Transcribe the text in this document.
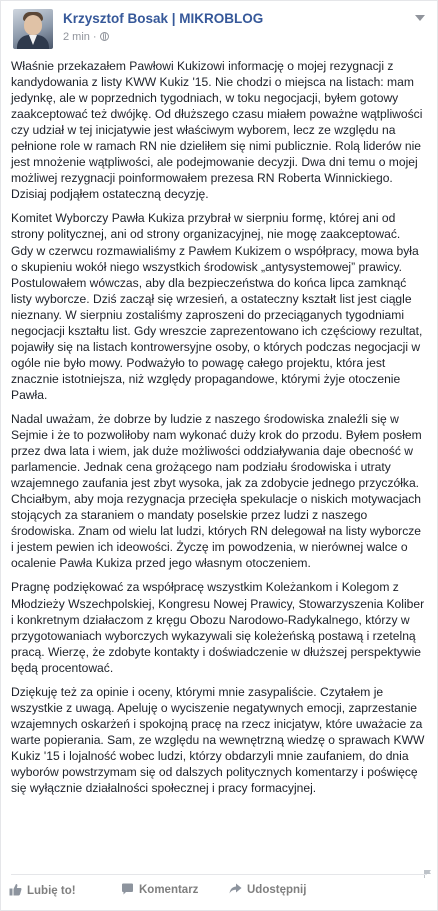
Krzysztof Bosak | MIKROBLOG
2 min ·

Właśnie przekazałem Pawłowi Kukizowi informację o mojej rezygnacji z kandydowania z listy KWW Kukiz '15. Nie chodzi o miejsca na listach: mam jedynkę, ale w poprzednich tygodniach, w toku negocjacji, byłem gotowy zaakceptować też dwójkę. Od dłuższego czasu miałem poważne wątpliwości czy udział w tej inicjatywie jest właściwym wyborem, lecz ze względu na pełnione role w ramach RN nie dzieliłem się nimi publicznie. Rolą liderów nie jest mnożenie wątpliwości, ale podejmowanie decyzji. Dwa dni temu o mojej możliwej rezygnacji poinformowałem prezesa RN Roberta Winnickiego. Dzisiaj podjąłem ostateczną decyzję.

Komitet Wyborczy Pawła Kukiza przybrał w sierpniu formę, której ani od strony politycznej, ani od strony organizacyjnej, nie mogę zaakceptować. Gdy w czerwcu rozmawialiśmy z Pawłem Kukizem o współpracy, mowa była o skupieniu wokół niego wszystkich środowisk „antysystemowej” prawicy. Postulowałem wówczas, aby dla bezpieczeństwa do końca lipca zamknąć listy wyborcze. Dziś zaczął się wrzesień, a ostateczny kształt list jest ciągle nieznany. W sierpniu zostaliśmy zaproszeni do przeciąganych tygodniami negocjacji kształtu list. Gdy wreszcie zaprezentowano ich częściowy rezultat, pojawiły się na listach kontrowersyjne osoby, o których podczas negocjacji w ogóle nie było mowy. Podważyło to powagę całego projektu, która jest znacznie istotniejsza, niż względy propagandowe, którymi żyje otoczenie Pawła.

Nadal uważam, że dobrze by ludzie z naszego środowiska znaleźli się w Sejmie i że to pozwoliłoby nam wykonać duży krok do przodu. Byłem posłem przez dwa lata i wiem, jak duże możliwości oddziaływania daje obecność w parlamencie. Jednak cena grożącego nam podziału środowiska i utraty wzajemnego zaufania jest zbyt wysoka, jak za zdobycie jednego przyczółka. Chciałbym, aby moja rezygnacja przecięła spekulacje o niskich motywacjach stojących za staraniem o mandaty poselskie przez ludzi z naszego środowiska. Znam od wielu lat ludzi, których RN delegował na listy wyborcze i jestem pewien ich ideowości. Życzę im powodzenia, w nierównej walce o ocalenie Pawła Kukiza przed jego własnym otoczeniem.

Pragnę podziękować za współpracę wszystkim Koleżankom i Kolegom z Młodzieży Wszechpolskiej, Kongresu Nowej Prawicy, Stowarzyszenia Koliber i konkretnym działaczom z kręgu Obozu Narodowo-Radykalnego, którzy w przygotowaniach wyborczych wykazywali się koleżeńską postawą i rzetelną pracą. Wierzę, że zdobyte kontakty i doświadczenie w dłuższej perspektywie będą procentować.

Dziękuję też za opinie i oceny, którymi mnie zasypaliście. Czytałem je wszystkie z uwagą. Apeluję o wyciszenie negatywnych emocji, zaprzestanie wzajemnych oskarżeń i spokojną pracę na rzecz inicjatyw, które uważacie za warte popierania. Sam, ze względu na wewnętrzną wiedzę o sprawach KWW Kukiz '15 i lojalność wobec ludzi, którzy obdarzyli mnie zaufaniem, do dnia wyborów powstrzymam się od dalszych politycznych komentarzy i poświęcę się wyłącznie działalności społecznej i pracy formacyjnej.

Lubię to!	Komentarz	Udostępnij
